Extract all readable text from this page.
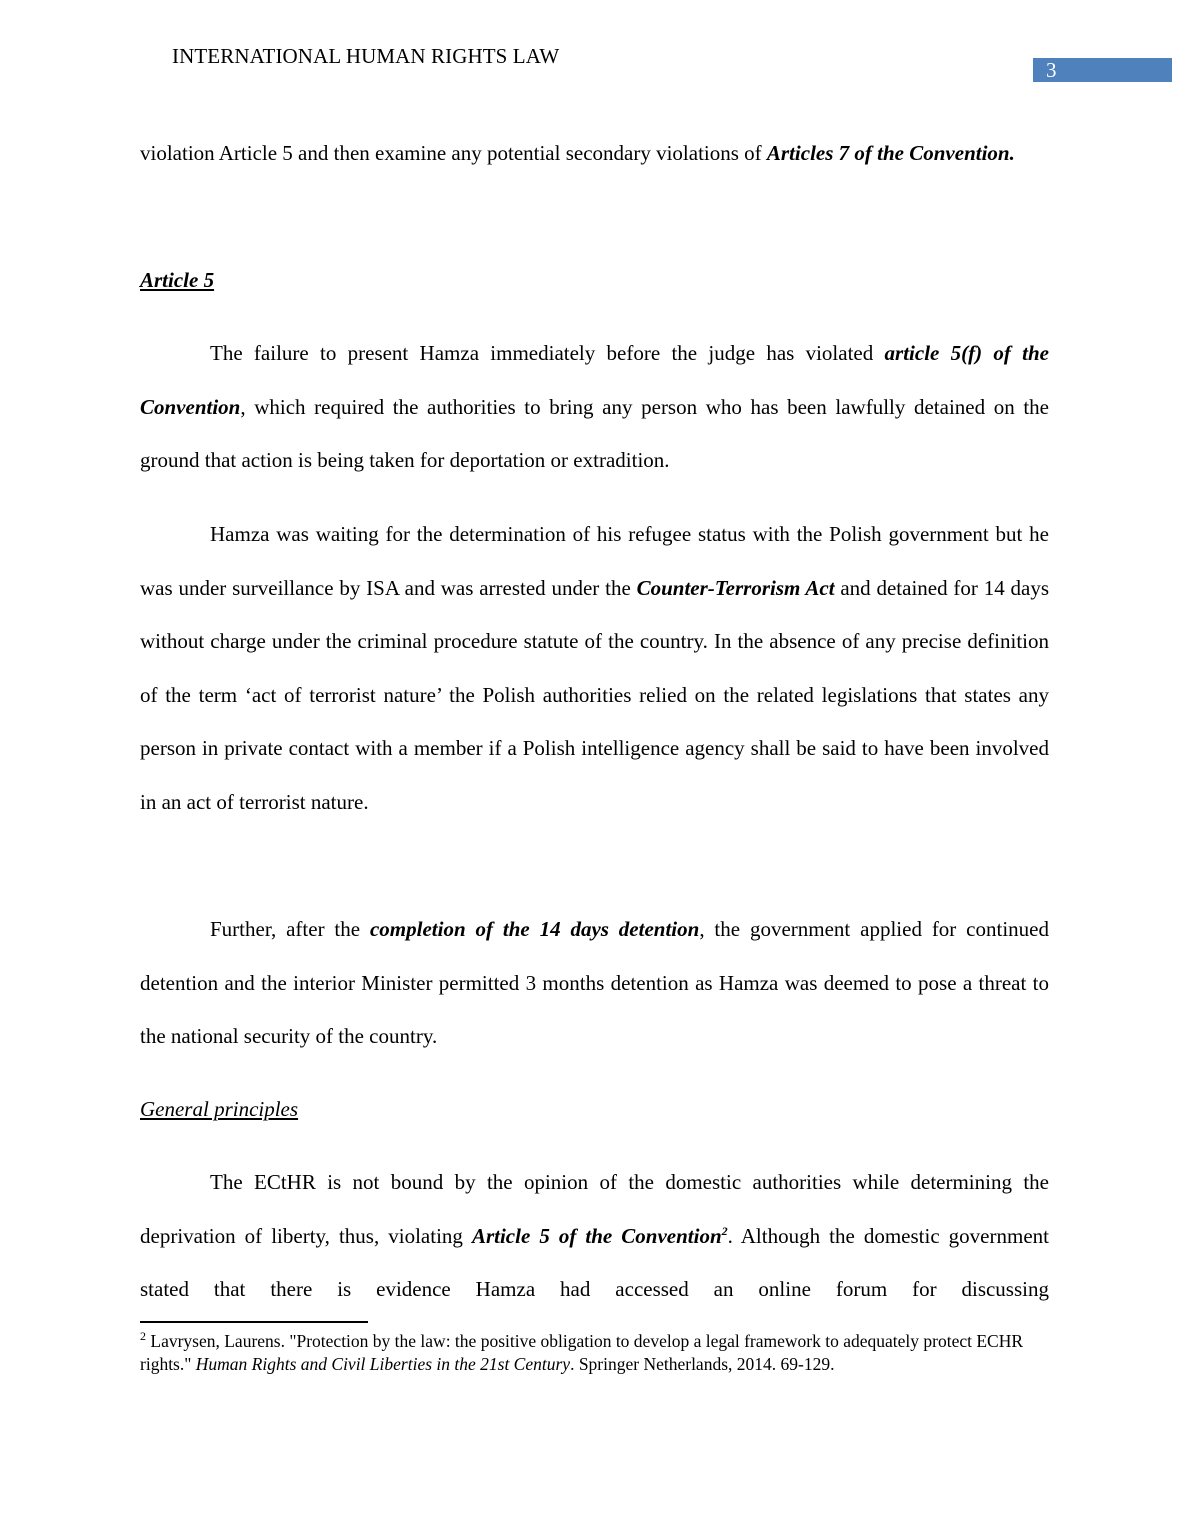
INTERNATIONAL HUMAN RIGHTS LAW
3

violation Article 5 and then examine any potential secondary violations of Articles 7 of the Convention.

Article 5

The failure to present Hamza immediately before the judge has violated article 5(f) of the Convention, which required the authorities to bring any person who has been lawfully detained on the ground that action is being taken for deportation or extradition.

Hamza was waiting for the determination of his refugee status with the Polish government but he was under surveillance by ISA and was arrested under the Counter-Terrorism Act and detained for 14 days without charge under the criminal procedure statute of the country. In the absence of any precise definition of the term ‘act of terrorist nature’ the Polish authorities relied on the related legislations that states any person in private contact with a member if a Polish intelligence agency shall be said to have been involved in an act of terrorist nature.

Further, after the completion of the 14 days detention, the government applied for continued detention and the interior Minister permitted 3 months detention as Hamza was deemed to pose a threat to the national security of the country.

General principles

The ECtHR is not bound by the opinion of the domestic authorities while determining the deprivation of liberty, thus, violating Article 5 of the Convention$^2$. Although the domestic government stated that there is evidence Hamza had accessed an online forum for discussing

$^2$ Lavrysen, Laurens. "Protection by the law: the positive obligation to develop a legal framework to adequately protect ECHR rights." Human Rights and Civil Liberties in the 21st Century. Springer Netherlands, 2014. 69-129.
